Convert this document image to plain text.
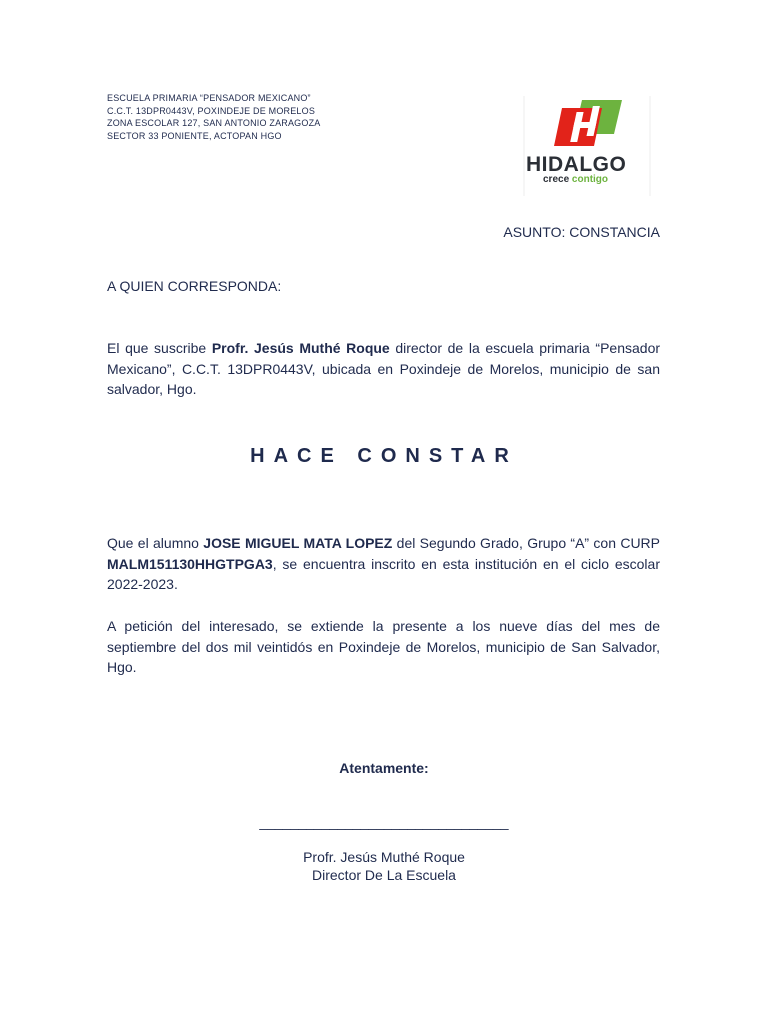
ESCUELA PRIMARIA “PENSADOR MEXICANO”
C.C.T. 13DPR0443V, POXINDEJE DE MORELOS
ZONA ESCOLAR 127, SAN ANTONIO ZARAGOZA
SECTOR 33 PONIENTE, ACTOPAN HGO
HIDALGO
crece contigo
ASUNTO: CONSTANCIA
A QUIEN CORRESPONDA:
El que suscribe Profr. Jesús Muthé Roque director de la escuela primaria “Pensador Mexicano”, C.C.T. 13DPR0443V, ubicada en Poxindeje de Morelos, municipio de san salvador, Hgo.
HACE CONSTAR
Que el alumno JOSE MIGUEL MATA LOPEZ del Segundo Grado, Grupo “A” con CURP MALM151130HHGTPGA3, se encuentra inscrito en esta institución en el ciclo escolar 2022-2023.
A petición del interesado, se extiende la presente a los nueve días del mes de septiembre del dos mil veintidós en Poxindeje de Morelos, municipio de San Salvador, Hgo.
Atentamente:
________________________________
Profr. Jesús Muthé Roque
Director De La Escuela
